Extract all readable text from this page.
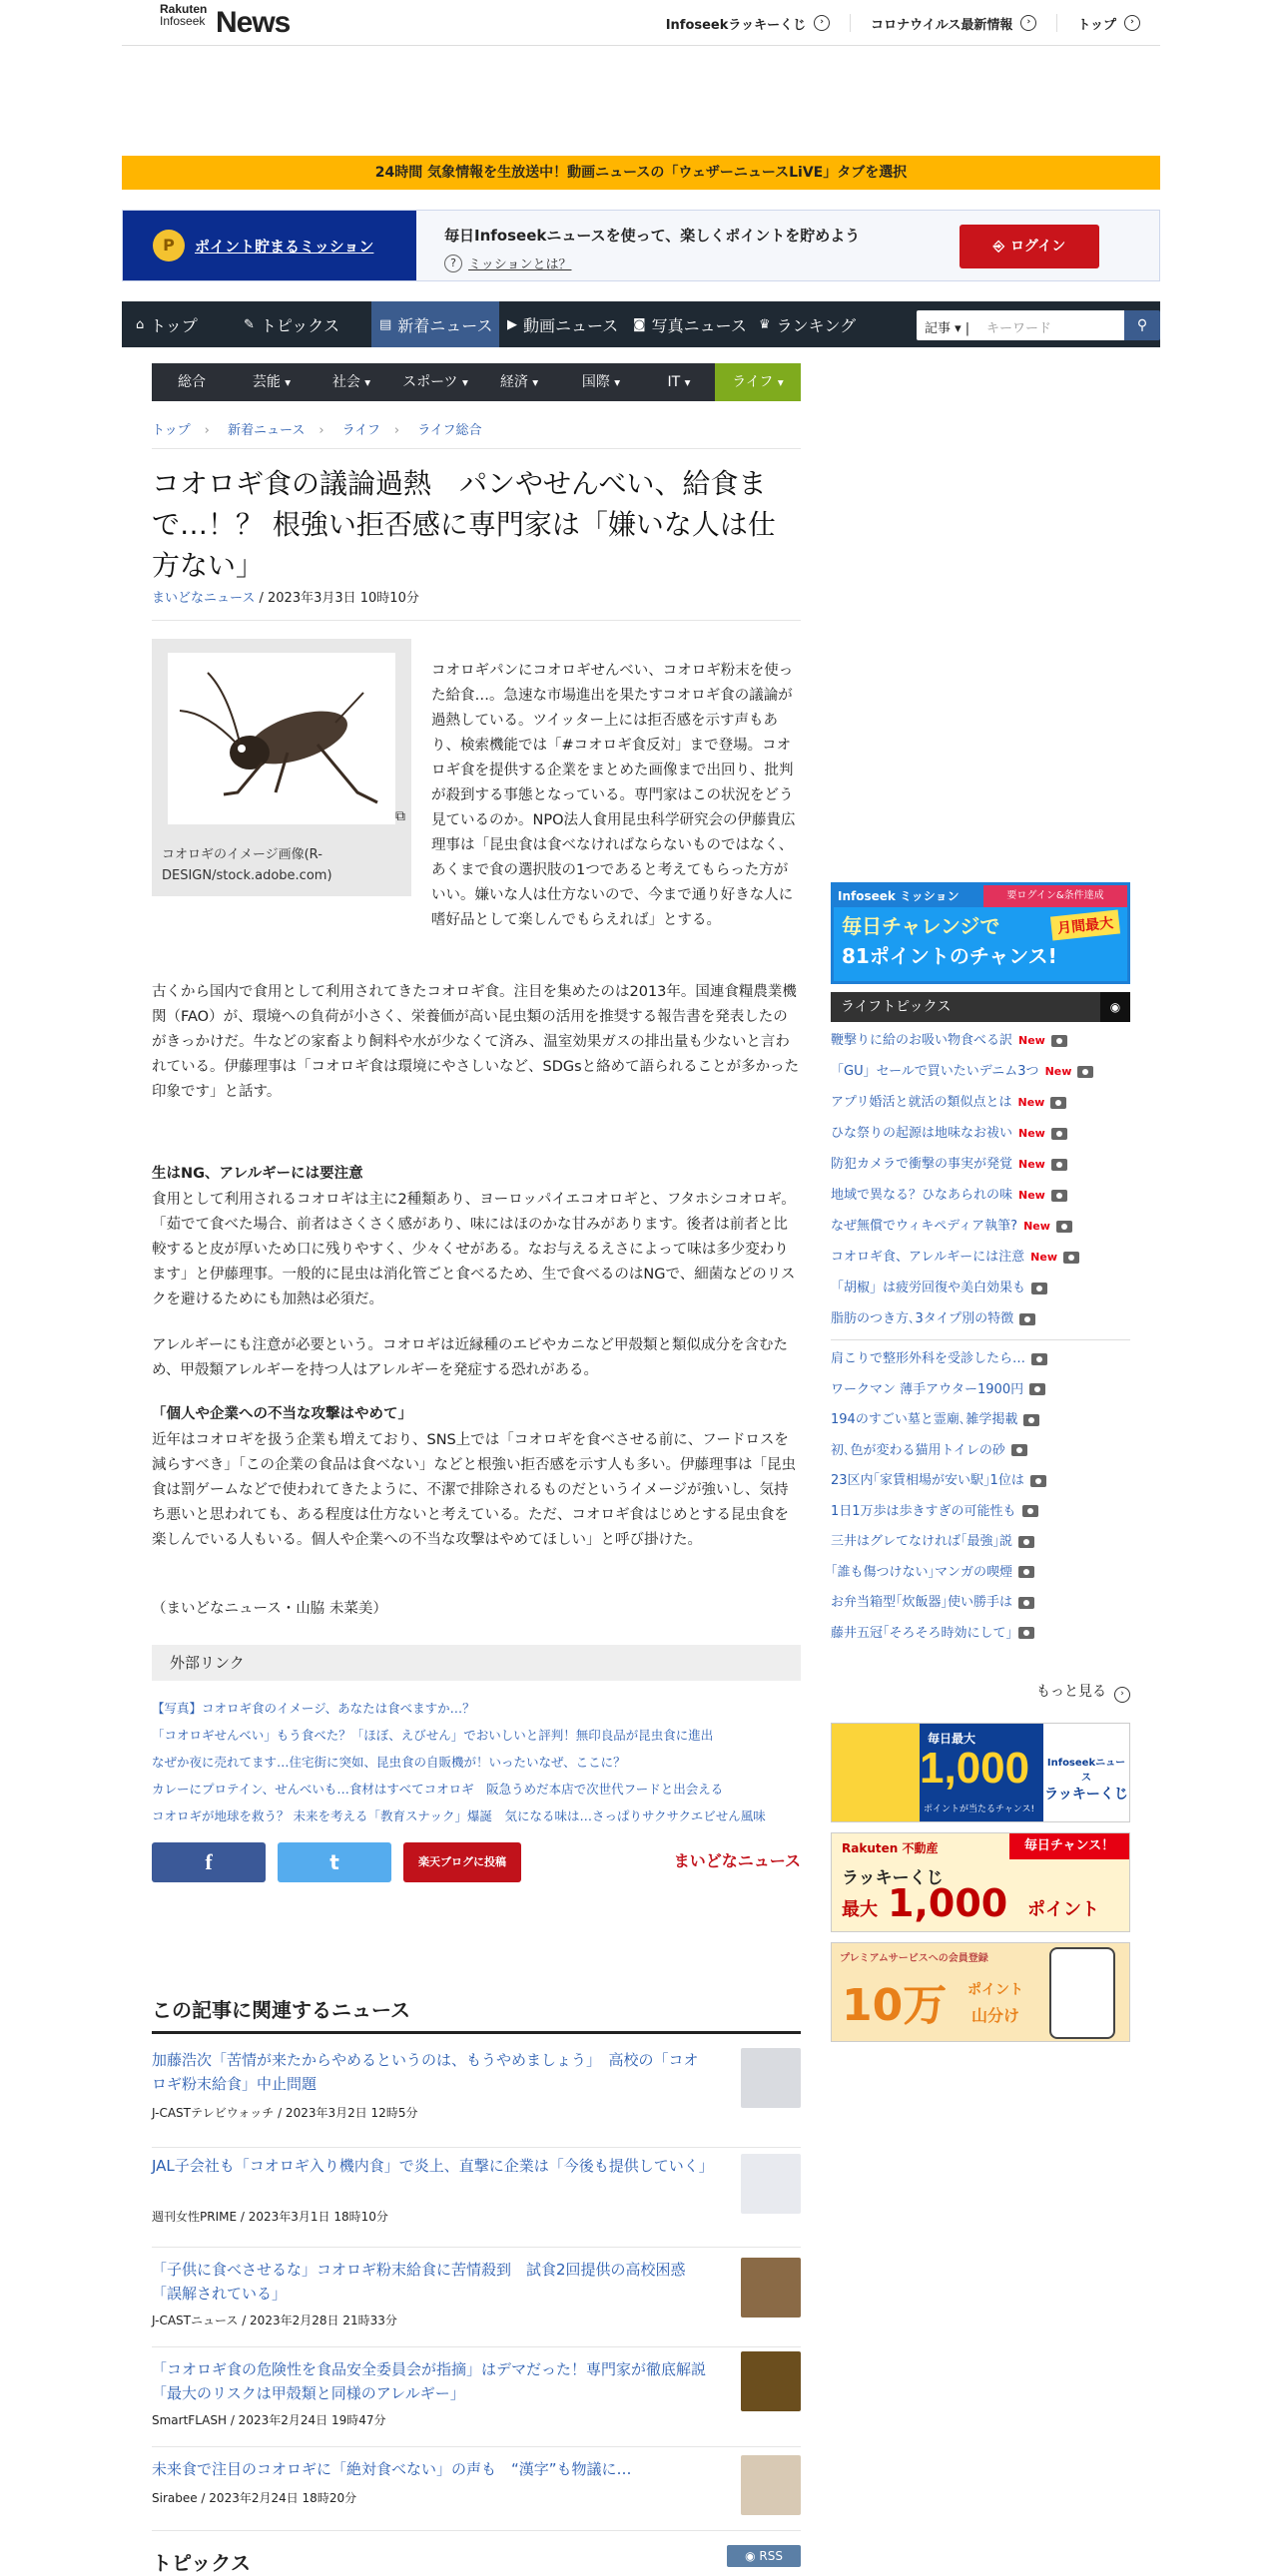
Rakuten
Infoseek News	Infoseekラッキーくじ	›	コロナウイルス最新情報	›	トップ	›
24時間 気象情報を生放送中！動画ニュースの「ウェザーニュースLiVE」タブを選択
P	ポイント貯まるミッション
毎日Infoseekニュースを使って、楽しくポイントを貯めよう
? ミッションとは？
⎆ ログイン
⌂ トップ	✎ トピックス	▤ 新着ニュース ▶ 動画ニュース ◙ 写真ニュース ♛ ランキング	記事 ▾ | キーワード	⚲
総合	芸能 ▾	社会 ▾	スポーツ ▾	経済 ▾	国際 ▾	IT ▾	ライフ ▾
トップ › 新着ニュース › ライフ › ライフ総合
コオロギ食の議論過熱　パンやせんべい、給食まで…！？ 根強い拒否感に専門家は「嫌いな人は仕方ない」
まいどなニュース / 2023年3月3日 10時10分
⧉
コオロギのイメージ画像(R-DESIGN/stock.adobe.com)
コオロギパンにコオロギせんべい、コオロギ粉末を使った給食…。急速な市場進出を果たすコオロギ食の議論が過熱している。ツイッター上には拒否感を示す声もあり、検索機能では「#コオロギ食反対」まで登場。コオロギ食を提供する企業をまとめた画像まで出回り、批判が殺到する事態となっている。専門家はこの状況をどう見ているのか。NPO法人食用昆虫科学研究会の伊藤貴広理事は「昆虫食は食べなければならないものではなく、あくまで食の選択肢の1つであると考えてもらった方がいい。嫌いな人は仕方ないので、今まで通り好きな人に嗜好品として楽しんでもらえれば」とする。
古くから国内で食用として利用されてきたコオロギ食。注目を集めたのは2013年。国連食糧農業機関（FAO）が、環境への負荷が小さく、栄養価が高い昆虫類の活用を推奨する報告書を発表したのがきっかけだ。牛などの家畜より飼料や水が少なくて済み、温室効果ガスの排出量も少ないと言われている。伊藤理事は「コオロギ食は環境にやさしいなど、SDGsと絡めて語られることが多かった印象です」と話す。
生はNG、アレルギーには要注意
食用として利用されるコオロギは主に2種類あり、ヨーロッパイエコオロギと、フタホシコオロギ。「茹でて食べた場合、前者はさくさく感があり、味にはほのかな甘みがあります。後者は前者と比較すると皮が厚いため口に残りやすく、少々くせがある。なお与えるえさによって味は多少変わります」と伊藤理事。一般的に昆虫は消化管ごと食べるため、生で食べるのはNGで、細菌などのリスクを避けるためにも加熱は必須だ。
アレルギーにも注意が必要という。コオロギは近縁種のエビやカニなど甲殻類と類似成分を含むため、甲殻類アレルギーを持つ人はアレルギーを発症する恐れがある。
「個人や企業への不当な攻撃はやめて」
近年はコオロギを扱う企業も増えており、SNS上では「コオロギを食べさせる前に、フードロスを減らすべき」「この企業の食品は食べない」などと根強い拒否感を示す人も多い。伊藤理事は「昆虫食は罰ゲームなどで使われてきたように、不潔で排除されるものだというイメージが強いし、気持ち悪いと思われても、ある程度は仕方ないと考えている。ただ、コオロギ食はじめとする昆虫食を楽しんでいる人もいる。個人や企業への不当な攻撃はやめてほしい」と呼び掛けた。
（まいどなニュース・山脇 未菜美）
外部リンク
【写真】コオロギ食のイメージ、あなたは食べますか…？
「コオロギせんべい」もう食べた？「ほぼ、えびせん」でおいしいと評判！無印良品が昆虫食に進出
なぜか夜に売れてます…住宅街に突如、昆虫食の自販機が！いったいなぜ、ここに？
カレーにプロテイン、せんべいも…食材はすべてコオロギ　阪急うめだ本店で次世代フードと出会える
コオロギが地球を救う？ 未来を考える「教育スナック」爆誕　気になる味は…さっぱりサクサクエビせん風味
f	t	楽天ブログに投稿	まいどなニュース
この記事に関連するニュース
加藤浩次「苦情が来たからやめるというのは、もうやめましょう」　高校の「コオロギ粉末給食」中止問題
J-CASTテレビウォッチ / 2023年3月2日 12時5分
JAL子会社も「コオロギ入り機内食」で炎上、直撃に企業は「今後も提供していく」
週刊女性PRIME / 2023年3月1日 18時10分
「子供に食べさせるな」コオロギ粉末給食に苦情殺到　試食2回提供の高校困惑「誤解されている」
J-CASTニュース / 2023年2月28日 21時33分
「コオロギ食の危険性を食品安全委員会が指摘」はデマだった！専門家が徹底解説「最大のリスクは甲殻類と同様のアレルギー」
SmartFLASH / 2023年2月24日 19時47分
未来食で注目のコオロギに「絶対食べない」の声も　“漢字”も物議に…
Sirabee / 2023年2月24日 18時20分
トピックス	◉ RSS
Infoseek ミッション	要ログイン&条件達成
毎日チャレンジで
81ポイントのチャンス!
月間最大
ライフトピックス	◉
鞭撃りに給のお吸い物食べる訳 New
「GU」セールで買いたいデニム3つ New
アプリ婚活と就活の類似点とは New
ひな祭りの起源は地味なお祓い New
防犯カメラで衝撃の事実が発覚 New
地域で異なる？ひなあられの味 New
なぜ無償でウィキペディア執筆? New
コオロギ食、アレルギーには注意 New
「胡椒」は疲労回復や美白効果も
脂肪のつき方､3タイプ別の特徴
肩こりで整形外科を受診したら…
ワークマン 薄手アウター1900円
194のすごい墓と霊廟､雑学掲載
初､色が変わる猫用トイレの砂
23区内｢家賃相場が安い駅｣1位は
1日1万歩は歩きすぎの可能性も
三井はグレてなければ｢最強｣説
｢誰も傷つけない｣マンガの喫煙
お弁当箱型｢炊飯器｣使い勝手は
藤井五冠｢そろそろ時効にして｣
もっと見る ›
毎日最大
1,000
ポイントが当たるチャンス!
Infoseekニュース
ラッキーくじ
Rakuten 不動産	毎日チャンス！
ラッキーくじ
最大 1,000 ポイント
プレミアムサービスへの会員登録
10万 ポイント
山分け
